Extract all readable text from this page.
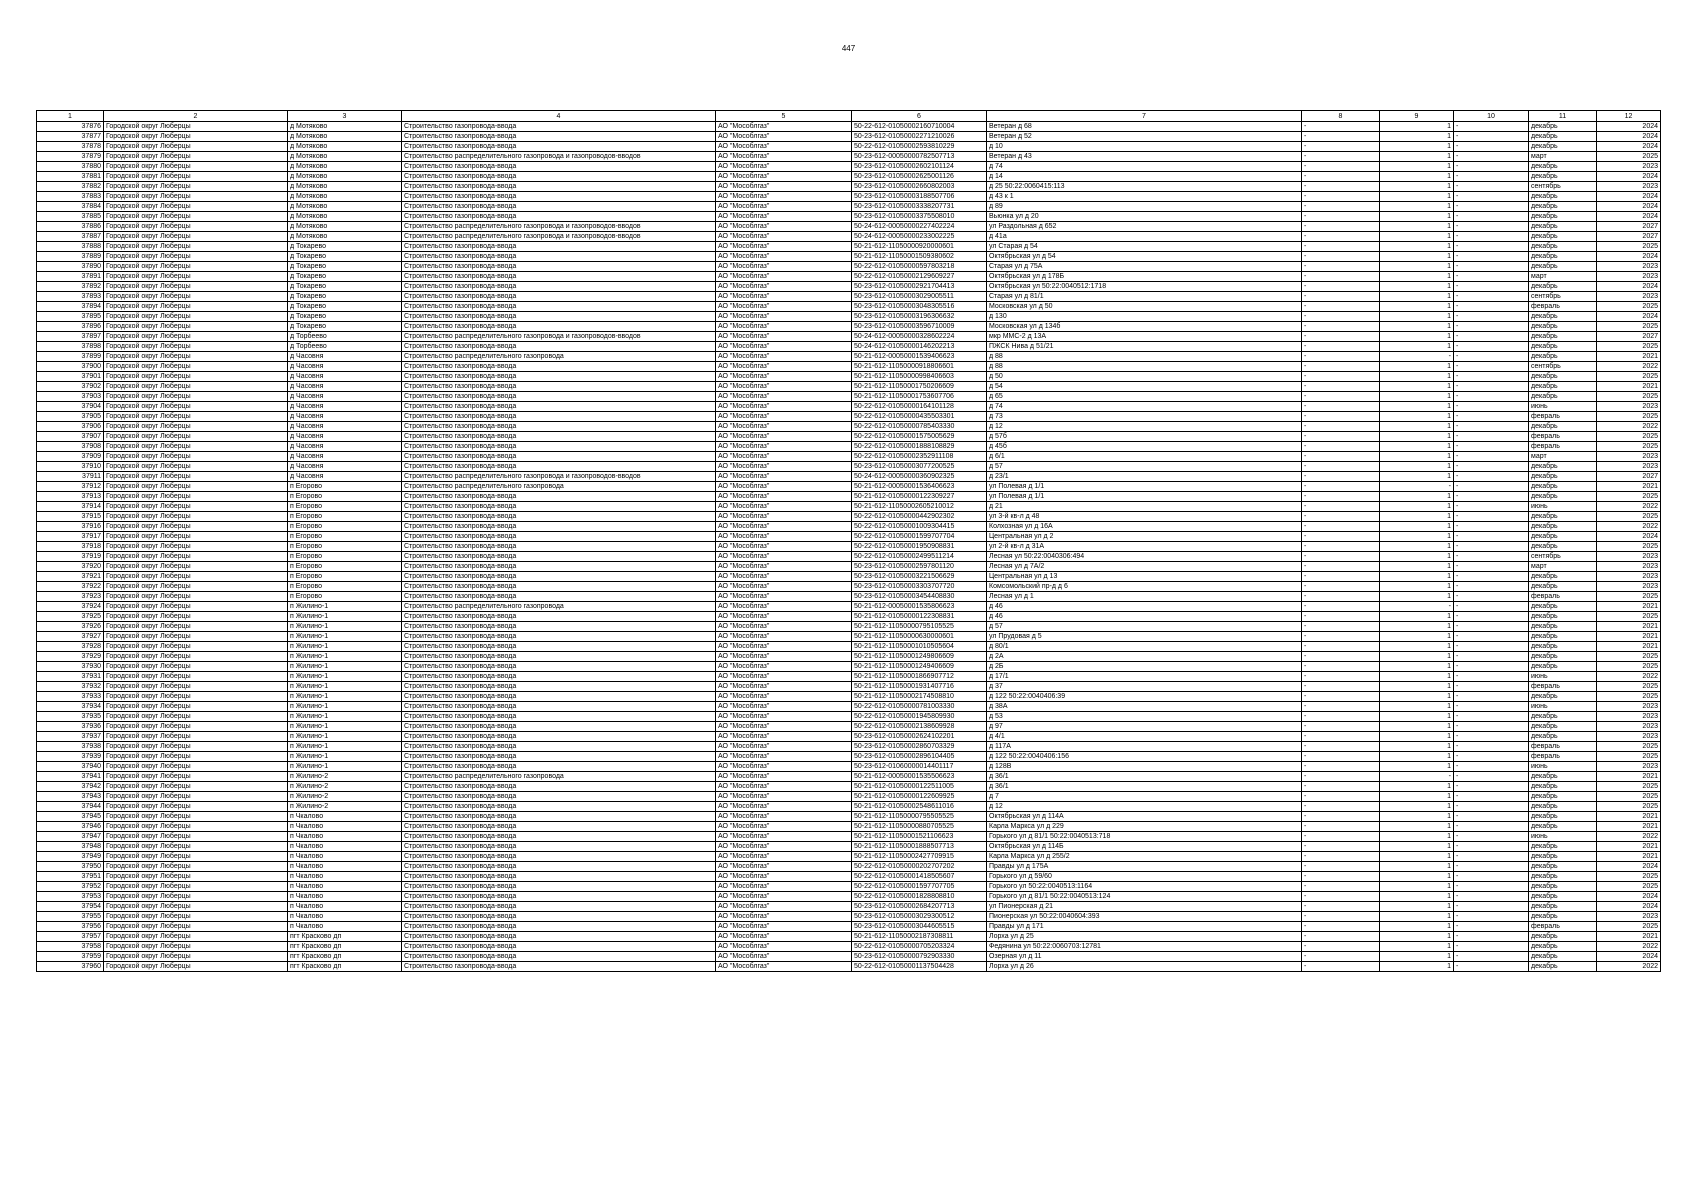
447
1	2	3	4	5	6	7	8	9	10	11	12
37876	Городской округ Люберцы	д Мотяково	Строительство газопровода-ввода	АО "Мособлгаз"	50-22-612-01050002160710004	Ветеран д 68	-	1	-	декабрь	2024
37877	Городской округ Люберцы	д Мотяково	Строительство газопровода-ввода	АО "Мособлгаз"	50-23-612-01050002271210026	Ветеран д 52	-	1	-	декабрь	2024
37878	Городской округ Люберцы	д Мотяково	Строительство газопровода-ввода	АО "Мособлгаз"	50-22-612-01050002593810229	д 10	-	1	-	декабрь	2024
37879	Городской округ Люберцы	д Мотяково	Строительство распределительного газопровода и газопроводов-вводов	АО "Мособлгаз"	50-23-612-00050000782507713	Ветеран д 43	-	1	-	март	2025
37880	Городской округ Люберцы	д Мотяково	Строительство газопровода-ввода	АО "Мособлгаз"	50-23-612-01050002602101124	д 74	-	1	-	декабрь	2023
37881	Городской округ Люберцы	д Мотяково	Строительство газопровода-ввода	АО "Мособлгаз"	50-23-612-01050002625001126	д 14	-	1	-	декабрь	2024
37882	Городской округ Люберцы	д Мотяково	Строительство газопровода-ввода	АО "Мособлгаз"	50-23-612-01050002660802003	д 25 50:22:0060415:113	-	1	-	сентябрь	2023
37883	Городской округ Люберцы	д Мотяково	Строительство газопровода-ввода	АО "Мособлгаз"	50-23-612-01050003188507706	д 43 к 1	-	1	-	декабрь	2024
37884	Городской округ Люберцы	д Мотяково	Строительство газопровода-ввода	АО "Мособлгаз"	50-23-612-01050003338207731	д 89	-	1	-	декабрь	2024
37885	Городской округ Люберцы	д Мотяково	Строительство газопровода-ввода	АО "Мособлгаз"	50-23-612-01050003375508010	Вьюнка ул д 20	-	1	-	декабрь	2024
37886	Городской округ Люберцы	д Мотяково	Строительство распределительного газопровода и газопроводов-вводов	АО "Мособлгаз"	50-24-612-00050000227402224	ул Раздольная д 652	-	1	-	декабрь	2027
37887	Городской округ Люберцы	д Мотяково	Строительство распределительного газопровода и газопроводов-вводов	АО "Мособлгаз"	50-24-612-00050000233002225	д 41а	-	1	-	декабрь	2027
37888	Городской округ Люберцы	д Токарево	Строительство газопровода-ввода	АО "Мособлгаз"	50-21-612-11050000920000601	ул Старая д 54	-	1	-	декабрь	2025
37889	Городской округ Люберцы	д Токарево	Строительство газопровода-ввода	АО "Мособлгаз"	50-21-612-11050001509380602	Октябрьская ул д 54	-	1	-	декабрь	2024
37890	Городской округ Люберцы	д Токарево	Строительство газопровода-ввода	АО "Мособлгаз"	50-22-612-01050000597803218	Старая ул д 75А	-	1	-	декабрь	2023
37891	Городской округ Люберцы	д Токарево	Строительство газопровода-ввода	АО "Мособлгаз"	50-22-612-01050002129609227	Октябрьская ул д 178Б	-	1	-	март	2023
37892	Городской округ Люберцы	д Токарево	Строительство газопровода-ввода	АО "Мособлгаз"	50-23-612-01050002921704413	Октябрьская ул 50:22:0040512:1718	-	1	-	декабрь	2024
37893	Городской округ Люберцы	д Токарево	Строительство газопровода-ввода	АО "Мособлгаз"	50-23-612-01050003029005511	Старая ул д 81/1	-	1	-	сентябрь	2023
37894	Городской округ Люберцы	д Токарево	Строительство газопровода-ввода	АО "Мособлгаз"	50-23-612-01050003048305516	Московская ул д 50	-	1	-	февраль	2025
37895	Городской округ Люберцы	д Токарево	Строительство газопровода-ввода	АО "Мособлгаз"	50-23-612-01050003196306632	д 130	-	1	-	декабрь	2024
37896	Городской округ Люберцы	д Токарево	Строительство газопровода-ввода	АО "Мособлгаз"	50-23-612-01050003596710009	Московская ул д 134б	-	1	-	декабрь	2025
37897	Городской округ Люберцы	д Торбеево	Строительство распределительного газопровода и газопроводов-вводов	АО "Мособлгаз"	50-24-612-00050000328602224	мкр ММС-2 д 13А	-	1	-	декабрь	2027
37898	Городской округ Люберцы	д Торбеево	Строительство газопровода-ввода	АО "Мособлгаз"	50-24-612-01050000146202213	ПЖСК Нива д 51/21	-	1	-	декабрь	2025
37899	Городской округ Люберцы	д Часовня	Строительство распределительного газопровода	АО "Мособлгаз"	50-21-612-00050001539406623	д 88	-	-	-	декабрь	2021
37900	Городской округ Люберцы	д Часовня	Строительство газопровода-ввода	АО "Мособлгаз"	50-21-612-11050000918806601	д 88	-	1	-	сентябрь	2022
37901	Городской округ Люберцы	д Часовня	Строительство газопровода-ввода	АО "Мособлгаз"	50-21-612-11050000998406603	д 50	-	1	-	декабрь	2025
37902	Городской округ Люберцы	д Часовня	Строительство газопровода-ввода	АО "Мособлгаз"	50-21-612-11050001750206609	д 54	-	1	-	декабрь	2021
37903	Городской округ Люберцы	д Часовня	Строительство газопровода-ввода	АО "Мособлгаз"	50-21-612-11050001753607706	д 65	-	1	-	декабрь	2025
37904	Городской округ Люберцы	д Часовня	Строительство газопровода-ввода	АО "Мособлгаз"	50-22-612-01050000164101128	д 74	-	1	-	июнь	2023
37905	Городской округ Люберцы	д Часовня	Строительство газопровода-ввода	АО "Мособлгаз"	50-22-612-01050000435503301	д 73	-	1	-	февраль	2025
37906	Городской округ Люберцы	д Часовня	Строительство газопровода-ввода	АО "Мособлгаз"	50-22-612-01050000785403330	д 12	-	1	-	декабрь	2022
37907	Городской округ Люберцы	д Часовня	Строительство газопровода-ввода	АО "Мособлгаз"	50-22-612-01050001575005629	д 57б	-	1	-	февраль	2025
37908	Городской округ Люберцы	д Часовня	Строительство газопровода-ввода	АО "Мособлгаз"	50-22-612-01050001888108829	д 45б	-	1	-	февраль	2025
37909	Городской округ Люберцы	д Часовня	Строительство газопровода-ввода	АО "Мособлгаз"	50-22-612-01050002352911108	д 6/1	-	1	-	март	2023
37910	Городской округ Люберцы	д Часовня	Строительство газопровода-ввода	АО "Мособлгаз"	50-23-612-01050003077200525	д 57	-	1	-	декабрь	2023
37911	Городской округ Люберцы	д Часовня	Строительство распределительного газопровода и газопроводов-вводов	АО "Мособлгаз"	50-24-612-00050000360902325	д 23/1	-	1	-	декабрь	2027
37912	Городской округ Люберцы	п Егорово	Строительство распределительного газопровода	АО "Мособлгаз"	50-21-612-00050001536406623	ул Полевая д 1/1	-	-	-	декабрь	2021
37913	Городской округ Люберцы	п Егорово	Строительство газопровода-ввода	АО "Мособлгаз"	50-21-612-01050000122309227	ул Полевая д 1/1	-	1	-	декабрь	2025
37914	Городской округ Люберцы	п Егорово	Строительство газопровода-ввода	АО "Мособлгаз"	50-21-612-11050002605210012	д 21	-	1	-	июнь	2022
37915	Городской округ Люберцы	п Егорово	Строительство газопровода-ввода	АО "Мособлгаз"	50-22-612-01050000442902302	ул 3-й кв-л д 48	-	1	-	декабрь	2025
37916	Городской округ Люберцы	п Егорово	Строительство газопровода-ввода	АО "Мособлгаз"	50-22-612-01050001009304415	Колхозная ул д 16А	-	1	-	декабрь	2022
37917	Городской округ Люберцы	п Егорово	Строительство газопровода-ввода	АО "Мособлгаз"	50-22-612-01050001599707704	Центральная ул д 2	-	1	-	декабрь	2024
37918	Городской округ Люберцы	п Егорово	Строительство газопровода-ввода	АО "Мособлгаз"	50-22-612-01050001950908831	ул 2-й кв-л д 31А	-	1	-	декабрь	2025
37919	Городской округ Люберцы	п Егорово	Строительство газопровода-ввода	АО "Мособлгаз"	50-22-612-01050002499511214	Лесная ул 50:22:0040306:494	-	1	-	сентябрь	2023
37920	Городской округ Люберцы	п Егорово	Строительство газопровода-ввода	АО "Мособлгаз"	50-23-612-01050002597801120	Лесная ул д 7А/2	-	1	-	март	2023
37921	Городской округ Люберцы	п Егорово	Строительство газопровода-ввода	АО "Мособлгаз"	50-23-612-01050003221506629	Центральная ул д 13	-	1	-	декабрь	2023
37922	Городской округ Люберцы	п Егорово	Строительство газопровода-ввода	АО "Мособлгаз"	50-23-612-01050003303707720	Комсомольский пр-д д 6	-	1	-	декабрь	2023
37923	Городской округ Люберцы	п Егорово	Строительство газопровода-ввода	АО "Мособлгаз"	50-23-612-01050003454408830	Лесная ул д 1	-	1	-	февраль	2025
37924	Городской округ Люберцы	п Жилино-1	Строительство распределительного газопровода	АО "Мособлгаз"	50-21-612-00050001535806623	д 46	-	-	-	декабрь	2021
37925	Городской округ Люберцы	п Жилино-1	Строительство газопровода-ввода	АО "Мособлгаз"	50-21-612-01050000122308831	д 46	-	1	-	декабрь	2025
37926	Городской округ Люберцы	п Жилино-1	Строительство газопровода-ввода	АО "Мособлгаз"	50-21-612-11050000795105525	д 57	-	1	-	декабрь	2021
37927	Городской округ Люберцы	п Жилино-1	Строительство газопровода-ввода	АО "Мособлгаз"	50-21-612-11050000630000601	ул Прудовая д 5	-	1	-	декабрь	2021
37928	Городской округ Люберцы	п Жилино-1	Строительство газопровода-ввода	АО "Мособлгаз"	50-21-612-11050001010505604	д 80/1	-	1	-	декабрь	2021
37929	Городской округ Люберцы	п Жилино-1	Строительство газопровода-ввода	АО "Мособлгаз"	50-21-612-11050001249806609	д 2А	-	1	-	декабрь	2025
37930	Городской округ Люберцы	п Жилино-1	Строительство газопровода-ввода	АО "Мособлгаз"	50-21-612-11050001249406609	д 2Б	-	1	-	декабрь	2025
37931	Городской округ Люберцы	п Жилино-1	Строительство газопровода-ввода	АО "Мособлгаз"	50-21-612-11050001866907712	д 17/1	-	1	-	июнь	2022
37932	Городской округ Люберцы	п Жилино-1	Строительство газопровода-ввода	АО "Мособлгаз"	50-21-612-11050001931407716	д 37	-	1	-	февраль	2025
37933	Городской округ Люберцы	п Жилино-1	Строительство газопровода-ввода	АО "Мособлгаз"	50-21-612-11050002174508810	д 122 50:22:0040406:39	-	1	-	декабрь	2025
37934	Городской округ Люберцы	п Жилино-1	Строительство газопровода-ввода	АО "Мособлгаз"	50-22-612-01050000781003330	д 38А	-	1	-	июнь	2023
37935	Городской округ Люберцы	п Жилино-1	Строительство газопровода-ввода	АО "Мособлгаз"	50-22-612-01050001945809930	д 53	-	1	-	декабрь	2023
37936	Городской округ Люберцы	п Жилино-1	Строительство газопровода-ввода	АО "Мособлгаз"	50-22-612-01050002138609928	д 97	-	1	-	декабрь	2023
37937	Городской округ Люберцы	п Жилино-1	Строительство газопровода-ввода	АО "Мособлгаз"	50-23-612-01050002624102201	д 4/1	-	1	-	декабрь	2023
37938	Городской округ Люберцы	п Жилино-1	Строительство газопровода-ввода	АО "Мособлгаз"	50-23-612-01050002860703329	д 117А	-	1	-	февраль	2025
37939	Городской округ Люберцы	п Жилино-1	Строительство газопровода-ввода	АО "Мособлгаз"	50-23-612-01050002896104405	д 122 50:22:0040406:156	-	1	-	февраль	2025
37940	Городской округ Люберцы	п Жилино-1	Строительство газопровода-ввода	АО "Мособлгаз"	50-23-612-01060000014401117	д 128В	-	1	-	июнь	2023
37941	Городской округ Люберцы	п Жилино-2	Строительство распределительного газопровода	АО "Мособлгаз"	50-21-612-00050001535506623	д 36/1	-	-	-	декабрь	2021
37942	Городской округ Люберцы	п Жилино-2	Строительство газопровода-ввода	АО "Мособлгаз"	50-21-612-01050000122511005	д 36/1	-	1	-	декабрь	2025
37943	Городской округ Люберцы	п Жилино-2	Строительство газопровода-ввода	АО "Мособлгаз"	50-21-612-01050000122609925	д 7	-	1	-	декабрь	2025
37944	Городской округ Люберцы	п Жилино-2	Строительство газопровода-ввода	АО "Мособлгаз"	50-21-612-01050002548611016	д 12	-	1	-	декабрь	2025
37945	Городской округ Люберцы	п Чкалово	Строительство газопровода-ввода	АО "Мособлгаз"	50-21-612-11050000795505525	Октябрьская ул д 114А	-	1	-	декабрь	2021
37946	Городской округ Люберцы	п Чкалово	Строительство газопровода-ввода	АО "Мособлгаз"	50-21-612-11050000880705525	Карла Маркса ул д 229	-	1	-	декабрь	2021
37947	Городской округ Люберцы	п Чкалово	Строительство газопровода-ввода	АО "Мособлгаз"	50-21-612-11050001521106623	Горького ул д 81/1 50:22:0040513:718	-	1	-	июнь	2022
37948	Городской округ Люберцы	п Чкалово	Строительство газопровода-ввода	АО "Мособлгаз"	50-21-612-11050001888507713	Октябрьская ул д 114Б	-	1	-	декабрь	2021
37949	Городской округ Люберцы	п Чкалово	Строительство газопровода-ввода	АО "Мособлгаз"	50-21-612-11050002427709915	Карла Маркса ул д 255/2	-	1	-	декабрь	2021
37950	Городской округ Люберцы	п Чкалово	Строительство газопровода-ввода	АО "Мособлгаз"	50-22-612-01050000202707202	Правды ул д 175А	-	1	-	декабрь	2024
37951	Городской округ Люберцы	п Чкалово	Строительство газопровода-ввода	АО "Мособлгаз"	50-22-612-01050001418505607	Горького ул д 59/60	-	1	-	декабрь	2025
37952	Городской округ Люберцы	п Чкалово	Строительство газопровода-ввода	АО "Мособлгаз"	50-22-612-01050001597707705	Горького ул 50:22:0040513:1164	-	1	-	декабрь	2025
37953	Городской округ Люберцы	п Чкалово	Строительство газопровода-ввода	АО "Мособлгаз"	50-22-612-01050001828808810	Горького ул д 81/1 50:22:0040513:124	-	1	-	декабрь	2024
37954	Городской округ Люберцы	п Чкалово	Строительство газопровода-ввода	АО "Мособлгаз"	50-23-612-01050002684207713	ул Пионерская д 21	-	1	-	декабрь	2024
37955	Городской округ Люберцы	п Чкалово	Строительство газопровода-ввода	АО "Мособлгаз"	50-23-612-01050003029300512	Пионерская ул 50:22:0040604:393	-	1	-	декабрь	2023
37956	Городской округ Люберцы	п Чкалово	Строительство газопровода-ввода	АО "Мособлгаз"	50-23-612-01050003044605515	Правды ул д 171	-	1	-	февраль	2025
37957	Городской округ Люберцы	пгт Красково дп	Строительство газопровода-ввода	АО "Мособлгаз"	50-21-612-11050002187308811	Лорха ул д 25	-	1	-	декабрь	2021
37958	Городской округ Люберцы	пгт Красково дп	Строительство газопровода-ввода	АО "Мособлгаз"	50-22-612-01050000705203324	Федянина ул 50:22:0060703:12781	-	1	-	декабрь	2022
37959	Городской округ Люберцы	пгт Красково дп	Строительство газопровода-ввода	АО "Мособлгаз"	50-23-612-01050000792903330	Озерная ул д 11	-	1	-	декабрь	2024
37960	Городской округ Люберцы	пгт Красково дп	Строительство газопровода-ввода	АО "Мособлгаз"	50-22-612-01050001137504428	Лорха ул д 26	-	1	-	декабрь	2022
